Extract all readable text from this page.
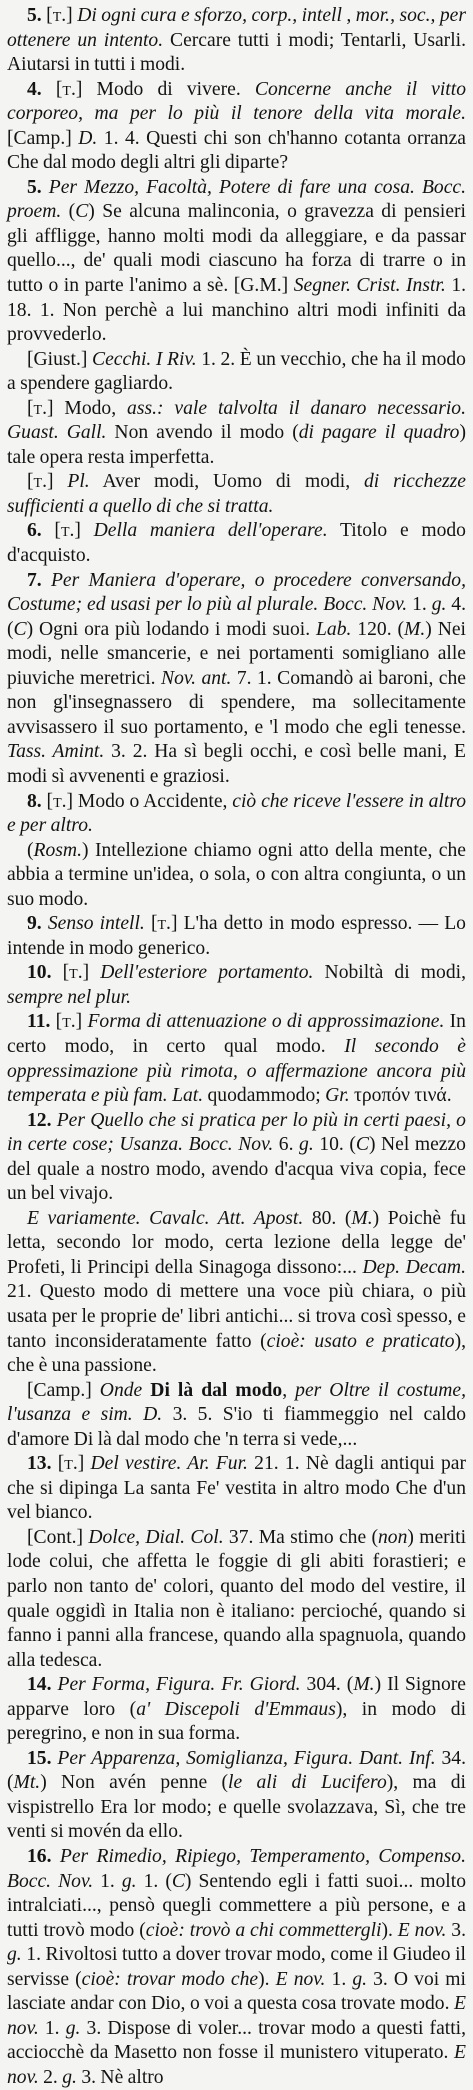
5. [t.] Di ogni cura e sforzo, corp., intell , mor., soc., per ottenere un intento. Cercare tutti i modi; Tentarli, Usarli. Aiutarsi in tutti i modi.

4. [t.] Modo di vivere. Concerne anche il vitto corporeo, ma per lo più il tenore della vita morale. [Camp.] D. 1. 4. Questi chi son ch'hanno cotanta orranza Che dal modo degli altri gli diparte?

5. Per Mezzo, Facoltà, Potere di fare una cosa. Bocc. proem. (C) Se alcuna malinconia, o gravezza di pensieri gli affligge, hanno molti modi da alleggiare, e da passar quello..., de' quali modi ciascuno ha forza di trarre o in tutto o in parte l'animo a sè. [G.M.] Segner. Crist. Instr. 1. 18. 1. Non perchè a lui manchino altri modi infiniti da provvederlo.

[Giust.] Cecchi. I Riv. 1. 2. È un vecchio, che ha il modo a spendere gagliardo.

[t.] Modo, ass.: vale talvolta il danaro necessario. Guast. Gall. Non avendo il modo (di pagare il quadro) tale opera resta imperfetta.

[t.] Pl. Aver modi, Uomo di modi, di ricchezze sufficienti a quello di che si tratta.

6. [t.] Della maniera dell'operare. Titolo e modo d'acquisto.

7. Per Maniera d'operare, o procedere conversando, Costume; ed usasi per lo più al plurale. Bocc. Nov. 1. g. 4. (C) Ogni ora più lodando i modi suoi. Lab. 120. (M.) Nei modi, nelle smancerie, e nei portamenti somigliano alle piuviche meretrici. Nov. ant. 7. 1. Comandò ai baroni, che non gl'insegnassero di spendere, ma sollecitamente avvisassero il suo portamento, e 'l modo che egli tenesse. Tass. Amint. 3. 2. Ha sì begli occhi, e così belle mani, E modi sì avvenenti e graziosi.

8. [t.] Modo o Accidente, ciò che riceve l'essere in altro e per altro.

(Rosm.) Intellezione chiamo ogni atto della mente, che abbia a termine un'idea, o sola, o con altra congiunta, o un suo modo.

9. Senso intell. [t.] L'ha detto in modo espresso. — Lo intende in modo generico.

10. [t.] Dell'esteriore portamento. Nobiltà di modi, sempre nel plur.

11. [t.] Forma di attenuazione o di approssimazione. In certo modo, in certo qual modo. Il secondo è oppressimazione più rimota, o affermazione ancora più temperata e più fam. Lat. quodammodo; Gr. τροπόν τινά.

12. Per Quello che si pratica per lo più in certi paesi, o in certe cose; Usanza. Bocc. Nov. 6. g. 10. (C) Nel mezzo del quale a nostro modo, avendo d'acqua viva copia, fece un bel vivajo.

E variamente. Cavalc. Att. Apost. 80. (M.) Poichè fu letta, secondo lor modo, certa lezione della legge de' Profeti, li Principi della Sinagoga dissono:... Dep. Decam. 21. Questo modo di mettere una voce più chiara, o più usata per le proprie de' libri antichi... si trova così spesso, e tanto inconsideratamente fatto (cioè: usato e praticato), che è una passione.

[Camp.] Onde Di là dal modo, per Oltre il costume, l'usanza e sim. D. 3. 5. S'io ti fiammeggio nel caldo d'amore Di là dal modo che 'n terra si vede,...

13. [t.] Del vestire. Ar. Fur. 21. 1. Nè dagli antiqui par che si dipinga La santa Fe' vestita in altro modo Che d'un vel bianco.

[Cont.] Dolce, Dial. Col. 37. Ma stimo che (non) meriti lode colui, che affetta le foggie di gli abiti forastieri; e parlo non tanto de' colori, quanto del modo del vestire, il quale oggidì in Italia non è italiano: percioché, quando si fanno i panni alla francese, quando alla spagnuola, quando alla tedesca.

14. Per Forma, Figura. Fr. Giord. 304. (M.) Il Signore apparve loro (a' Discepoli d'Emmaus), in modo di peregrino, e non in sua forma.

15. Per Apparenza, Somiglianza, Figura. Dant. Inf. 34. (Mt.) Non avén penne (le ali di Lucifero), ma di vispistrello Era lor modo; e quelle svolazzava, Sì, che tre venti si movén da ello.

16. Per Rimedio, Ripiego, Temperamento, Compenso. Bocc. Nov. 1. g. 1. (C) Sentendo egli i fatti suoi... molto intralciati..., pensò quegli commettere a più persone, e a tutti trovò modo (cioè: trovò a chi commettergli). E nov. 3. g. 1. Rivoltosi tutto a dover trovar modo, come il Giudeo il servisse (cioè: trovar modo che). E nov. 1. g. 3. O voi mi lasciate andar con Dio, o voi a questa cosa trovate modo. E nov. 1. g. 3. Dispose di voler... trovar modo a questi fatti, acciocchè da Masetto non fosse il munistero vituperato. E nov. 2. g. 3. Nè altro
